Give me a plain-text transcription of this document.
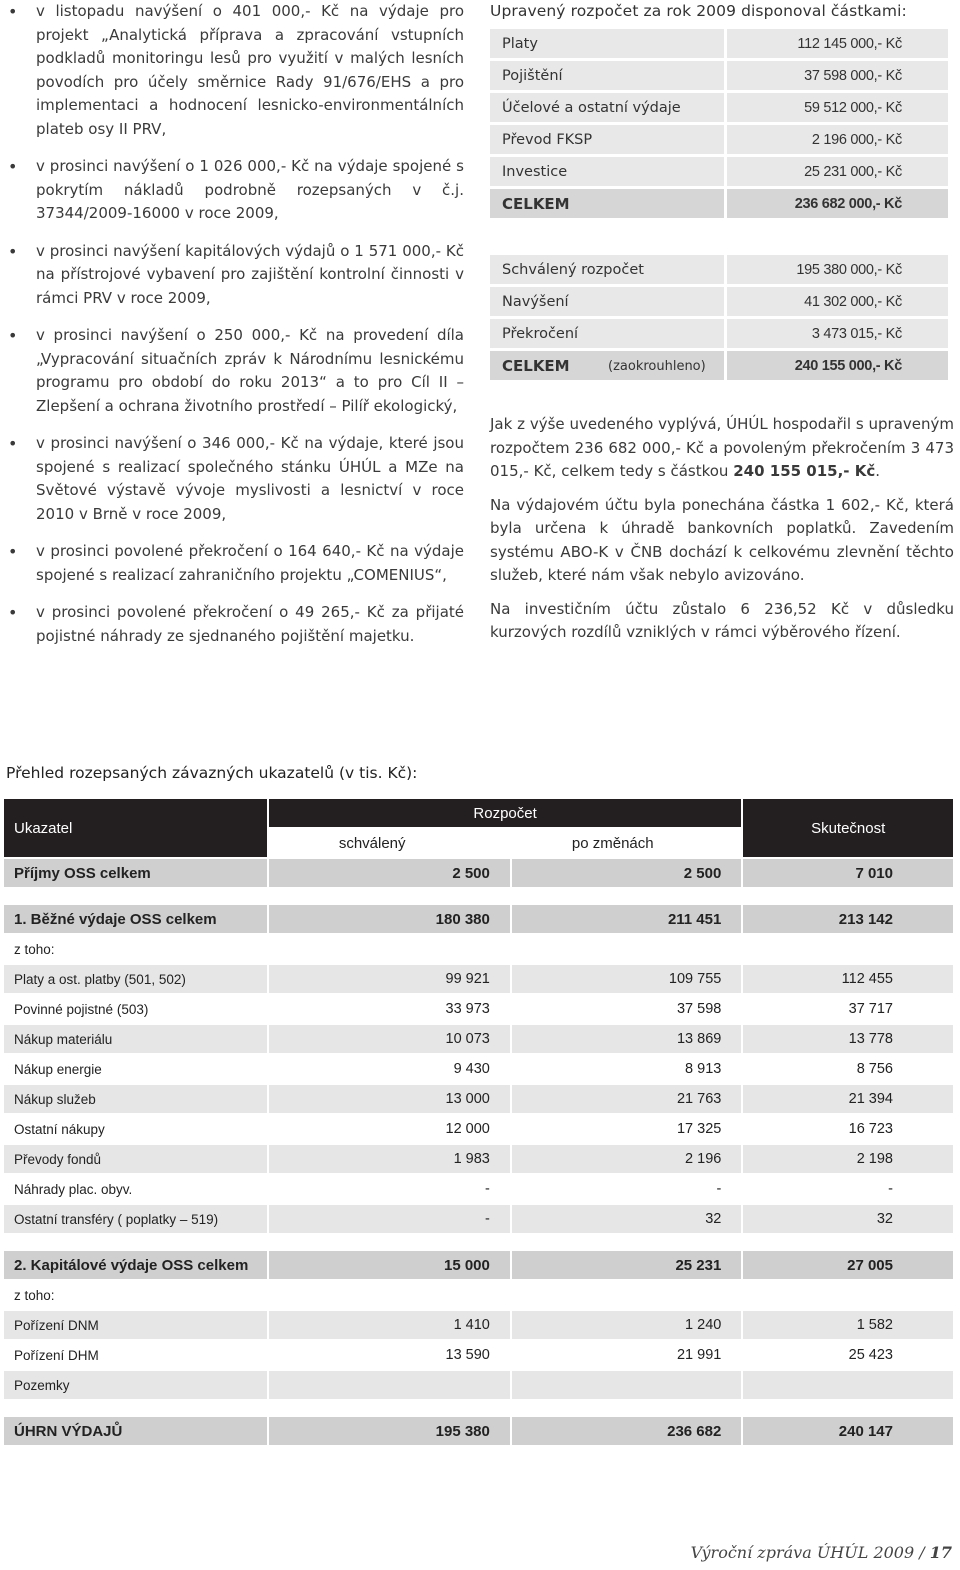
• v listopadu navýšení o 401 000,- Kč na výdaje pro projekt „Analytická příprava a zpracování vstupních podkladů monitoringu lesů pro využití v malých lesních povodích pro účely směrnice Rady 91/676/EHS a pro implementaci a hodnocení lesnicko-environmentálních plateb osy II PRV,

• v prosinci navýšení o 1 026 000,- Kč na výdaje spojené s pokrytím nákladů podrobně rozepsaných v č.j. 37344/2009-16000 v roce 2009,

• v prosinci navýšení kapitálových výdajů o 1 571 000,- Kč na přístrojové vybavení pro zajištění kontrolní činnosti v rámci PRV v roce 2009,

• v prosinci navýšení o 250 000,- Kč na provedení díla „Vypracování situačních zpráv k Národnímu lesnickému programu pro období do roku 2013“ a to pro Cíl II – Zlepšení a ochrana životního prostředí – Pilíř ekologický,

• v prosinci navýšení o 346 000,- Kč na výdaje, které jsou spojené s realizací společného stánku ÚHÚL a MZe na Světové výstavě vývoje myslivosti a lesnictví v roce 2010 v Brně v roce 2009,

• v prosinci povolené překročení o 164 640,- Kč na výdaje spojené s realizací zahraničního projektu „COMENIUS“,

• v prosinci povolené překročení o 49 265,- Kč za přijaté pojistné náhrady ze sjednaného pojištění majetku.

Upravený rozpočet za rok 2009 disponoval částkami:
Platy	112 145 000,- Kč
Pojištění	37 598 000,- Kč
Účelové a ostatní výdaje	59 512 000,- Kč
Převod FKSP	2 196 000,- Kč
Investice	25 231 000,- Kč
CELKEM	236 682 000,- Kč

Schválený rozpočet	195 380 000,- Kč
Navýšení	41 302 000,- Kč
Překročení	3 473 015,- Kč
CELKEM (zaokrouhleno)	240 155 000,- Kč

Jak z výše uvedeného vyplývá, ÚHÚL hospodařil s upraveným rozpočtem 236 682 000,- Kč a povoleným překročením 3 473 015,- Kč, celkem tedy s částkou 240 155 015,- Kč.

Na výdajovém účtu byla ponechána částka 1 602,- Kč, která byla určena k úhradě bankovních poplatků. Zavedením systému ABO-K v ČNB dochází k celkovému zlevnění těchto služeb, které nám však nebylo avizováno.

Na investičním účtu zůstalo 6 236,52 Kč v důsledku kurzových rozdílů vzniklých v rámci výběrového řízení.

Přehled rozepsaných závazných ukazatelů (v tis. Kč):
Ukazatel	Rozpočet		Skutečnost
	schválený	po změnách	
Příjmy OSS celkem	2 500	2 500	7 010

1. Běžné výdaje OSS celkem	180 380	211 451	213 142
z toho:			
Platy a ost. platby (501, 502)	99 921	109 755	112 455
Povinné pojistné (503)	33 973	37 598	37 717
Nákup materiálu	10 073	13 869	13 778
Nákup energie	9 430	8 913	8 756
Nákup služeb	13 000	21 763	21 394
Ostatní nákupy	12 000	17 325	16 723
Převody fondů	1 983	2 196	2 198
Náhrady plac. obyv.	-	-	-
Ostatní transféry ( poplatky – 519)	-	32	32

2. Kapitálové výdaje OSS celkem	15 000	25 231	27 005
z toho:			
Pořízení DNM	1 410	1 240	1 582
Pořízení DHM	13 590	21 991	25 423
Pozemky			

ÚHRN VÝDAJŮ	195 380	236 682	240 147
Výroční zpráva ÚHÚL 2009 / 17
